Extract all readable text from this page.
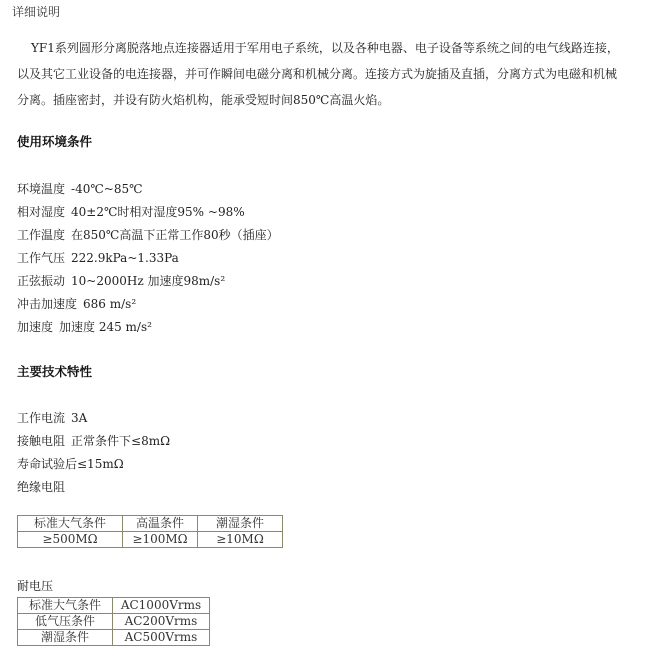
详细说明
YF1系列圆形分离脱落地点连接器适用于军用电子系统，以及各种电器、电子设备等系统之间的电气线路连接，
以及其它工业设备的电连接器，并可作瞬间电磁分离和机械分离。连接方式为旋插及直插，分离方式为电磁和机械
分离。插座密封，并设有防火焰机构，能承受短时间850℃高温火焰。
使用环境条件
环境温度 -40℃~85℃
相对湿度 40±2℃时相对湿度95% ~98%
工作温度 在850℃高温下正常工作80秒（插座）
工作气压 222.9kPa~1.33Pa
正弦振动 10~2000Hz 加速度98m/s²
冲击加速度 686 m/s²
加速度 加速度 245 m/s²
主要技术特性
工作电流 3A
接触电阻 正常条件下≤8mΩ
寿命试验后≤15mΩ
绝缘电阻
标准大气条件	高温条件	潮湿条件
≥500MΩ	≥100MΩ	≥10MΩ
耐电压
标准大气条件	AC1000Vrms
低气压条件	AC200Vrms
潮湿条件	AC500Vrms
